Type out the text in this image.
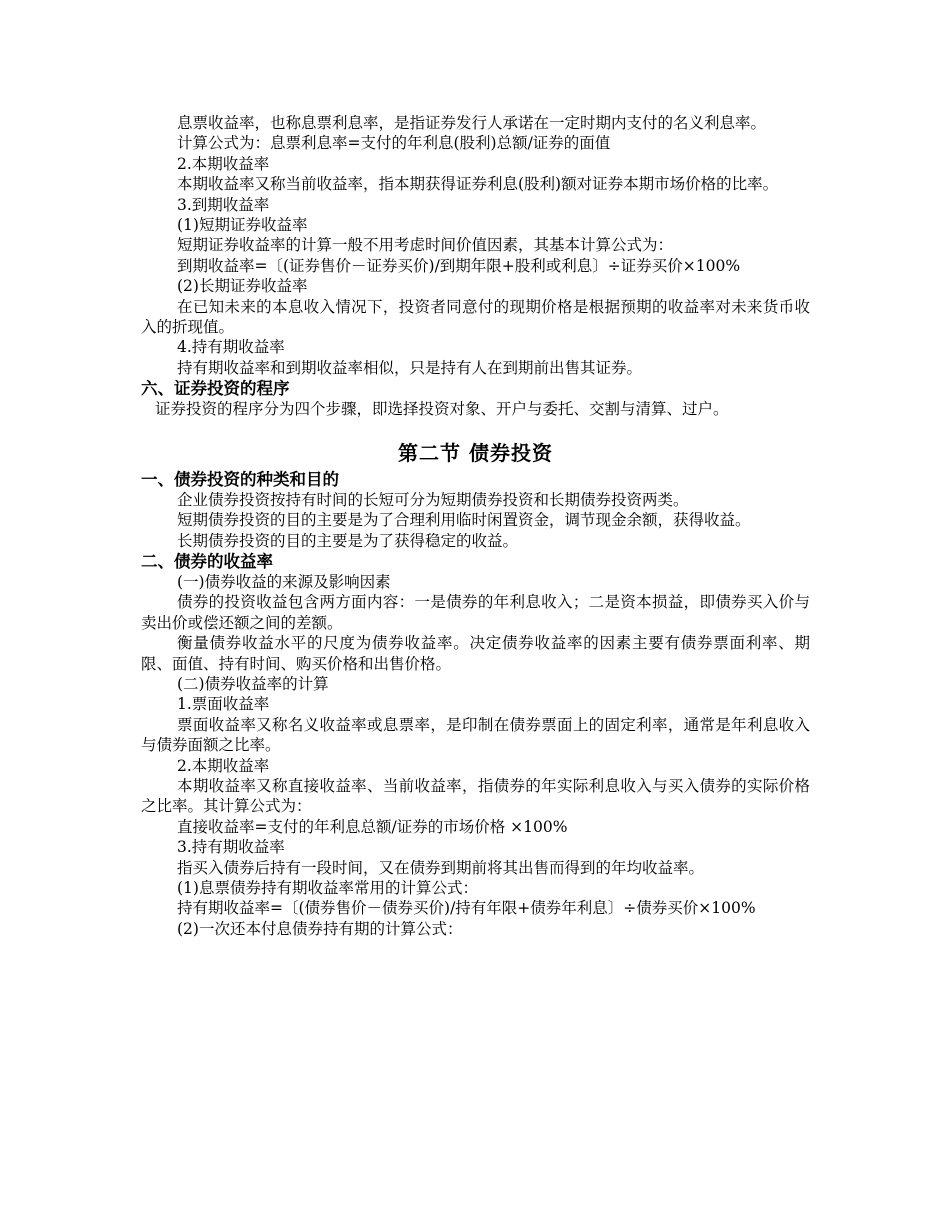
息票收益率，也称息票利息率，是指证券发行人承诺在一定时期内支付的名义利息率。

计算公式为：息票利息率=支付的年利息(股利)总额/证券的面值

2.本期收益率

本期收益率又称当前收益率，指本期获得证券利息(股利)额对证券本期市场价格的比率。

3.到期收益率

(1)短期证券收益率

短期证券收益率的计算一般不用考虑时间价值因素，其基本计算公式为：

到期收益率=〔(证券售价－证券买价)/到期年限+股利或利息〕÷证券买价×100%

(2)长期证券收益率

在已知未来的本息收入情况下，投资者同意付的现期价格是根据预期的收益率对未来货币收入的折现值。

4.持有期收益率

持有期收益率和到期收益率相似，只是持有人在到期前出售其证券。

六、证券投资的程序

证券投资的程序分为四个步骤，即选择投资对象、开户与委托、交割与清算、过户。

第二节 债券投资

一、债券投资的种类和目的

企业债券投资按持有时间的长短可分为短期债券投资和长期债券投资两类。

短期债券投资的目的主要是为了合理利用临时闲置资金，调节现金余额，获得收益。

长期债券投资的目的主要是为了获得稳定的收益。

二、债券的收益率

(一)债券收益的来源及影响因素

债券的投资收益包含两方面内容：一是债券的年利息收入；二是资本损益，即债券买入价与卖出价或偿还额之间的差额。

衡量债券收益水平的尺度为债券收益率。决定债券收益率的因素主要有债券票面利率、期限、面值、持有时间、购买价格和出售价格。

(二)债券收益率的计算

1.票面收益率

票面收益率又称名义收益率或息票率，是印制在债券票面上的固定利率，通常是年利息收入与债券面额之比率。

2.本期收益率

本期收益率又称直接收益率、当前收益率，指债券的年实际利息收入与买入债券的实际价格之比率。其计算公式为：

直接收益率=支付的年利息总额/证券的市场价格 ×100%

3.持有期收益率

指买入债券后持有一段时间，又在债券到期前将其出售而得到的年均收益率。

(1)息票债券持有期收益率常用的计算公式：

持有期收益率=〔(债券售价－债券买价)/持有年限+债券年利息〕÷债券买价×100%

(2)一次还本付息债券持有期的计算公式：
